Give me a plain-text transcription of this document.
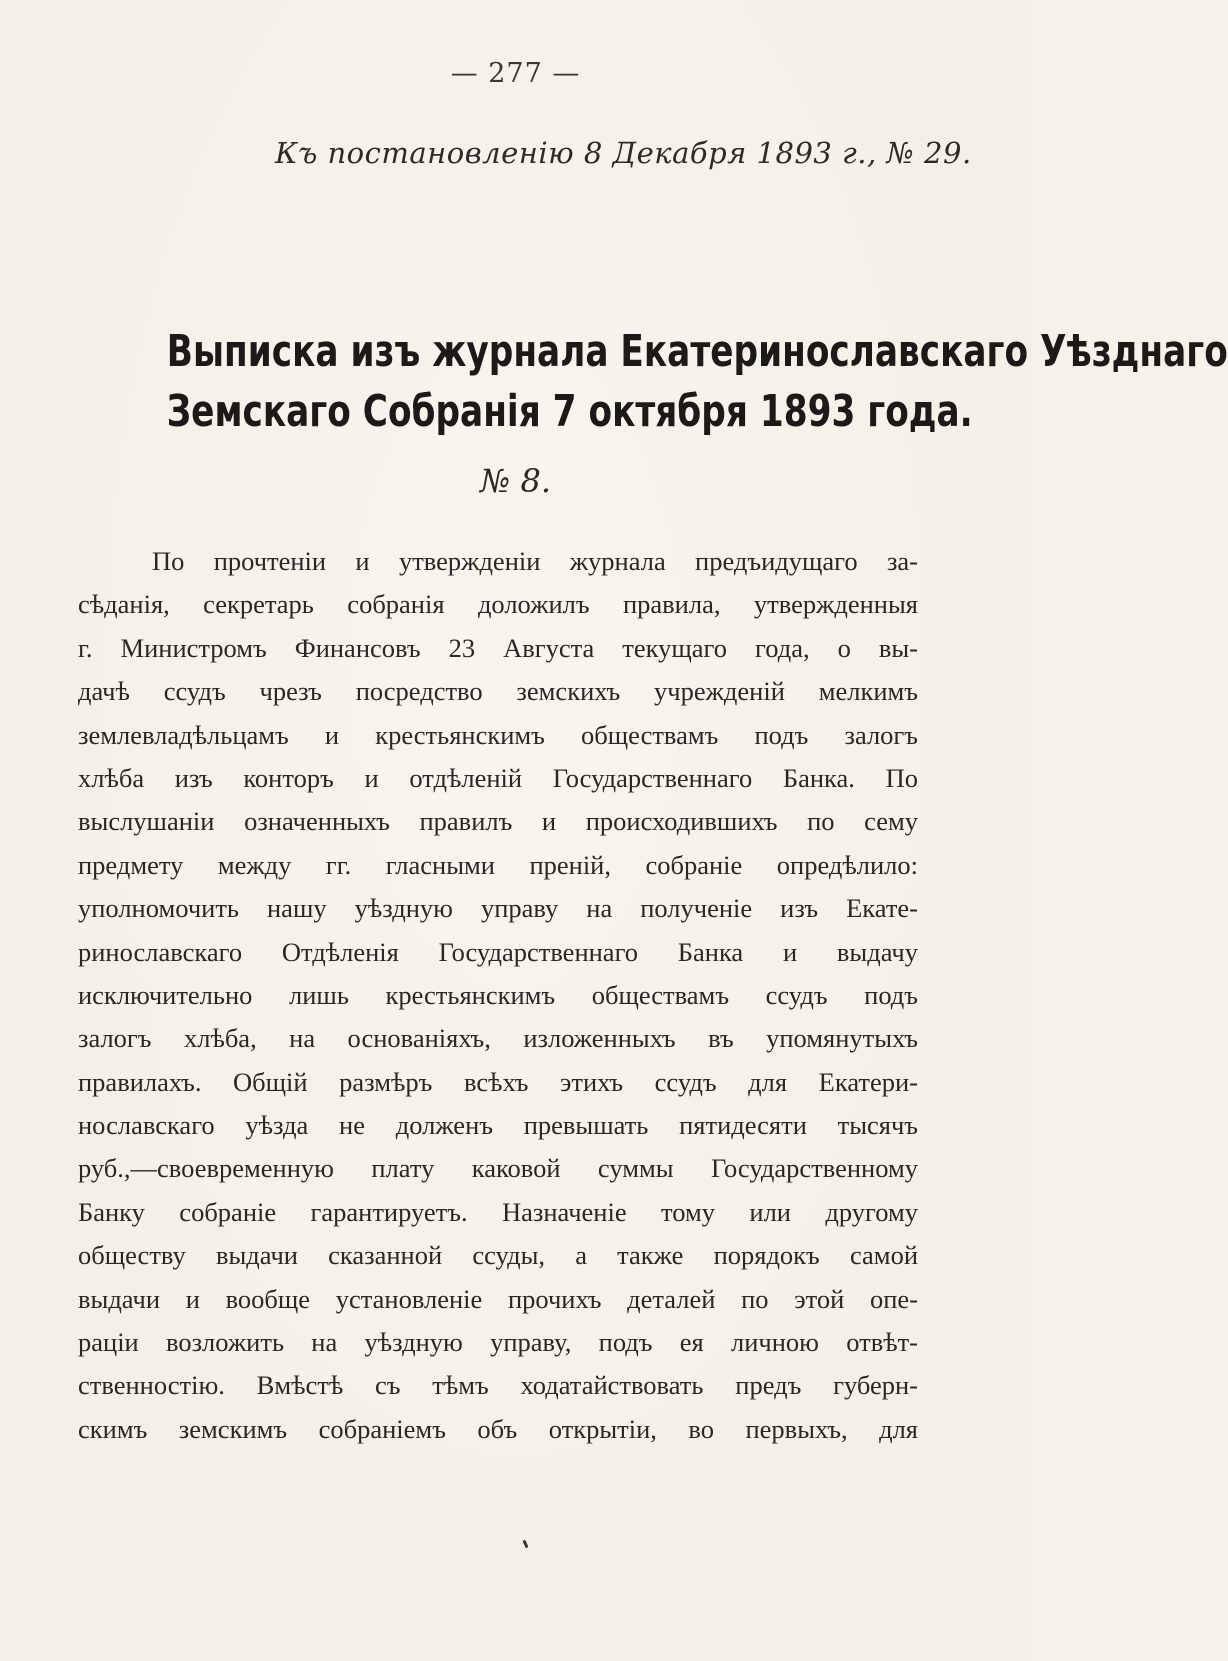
— 277 —
Къ постановленію 8 Декабря 1893 г., № 29.
Выписка изъ журнала Екатеринославскаго Уѣзднаго
Земскаго Собранія 7 октября 1893 года.
№ 8.
По прочтеніи и утвержденіи журнала предъидущаго за-
сѣданія, секретарь собранія доложилъ правила, утвержденныя
г. Министромъ Финансовъ 23 Августа текущаго года, о вы-
дачѣ ссудъ чрезъ посредство земскихъ учрежденій мелкимъ
землевладѣльцамъ и крестьянскимъ обществамъ подъ залогъ
хлѣба изъ конторъ и отдѣленій Государственнаго Банка. По
выслушаніи означенныхъ правилъ и происходившихъ по сему
предмету между гг. гласными преній, собраніе опредѣлило:
уполномочить нашу уѣздную управу на полученіе изъ Екате-
ринославскаго Отдѣленія Государственнаго Банка и выдачу
исключительно лишь крестьянскимъ обществамъ ссудъ подъ
залогъ хлѣба, на основаніяхъ, изложенныхъ въ упомянутыхъ
правилахъ. Общій размѣръ всѣхъ этихъ ссудъ для Екатери-
нославскаго уѣзда не долженъ превышать пятидесяти тысячъ
руб.,—своевременную плату каковой суммы Государственному
Банку собраніе гарантируетъ. Назначеніе тому или другому
обществу выдачи сказанной ссуды, а также порядокъ самой
выдачи и вообще установленіе прочихъ деталей по этой опе-
раціи возложить на уѣздную управу, подъ ея личною отвѣт-
ственностію. Вмѣстѣ съ тѣмъ ходатайствовать предъ губерн-
скимъ земскимъ собраніемъ объ открытіи, во первыхъ, для
